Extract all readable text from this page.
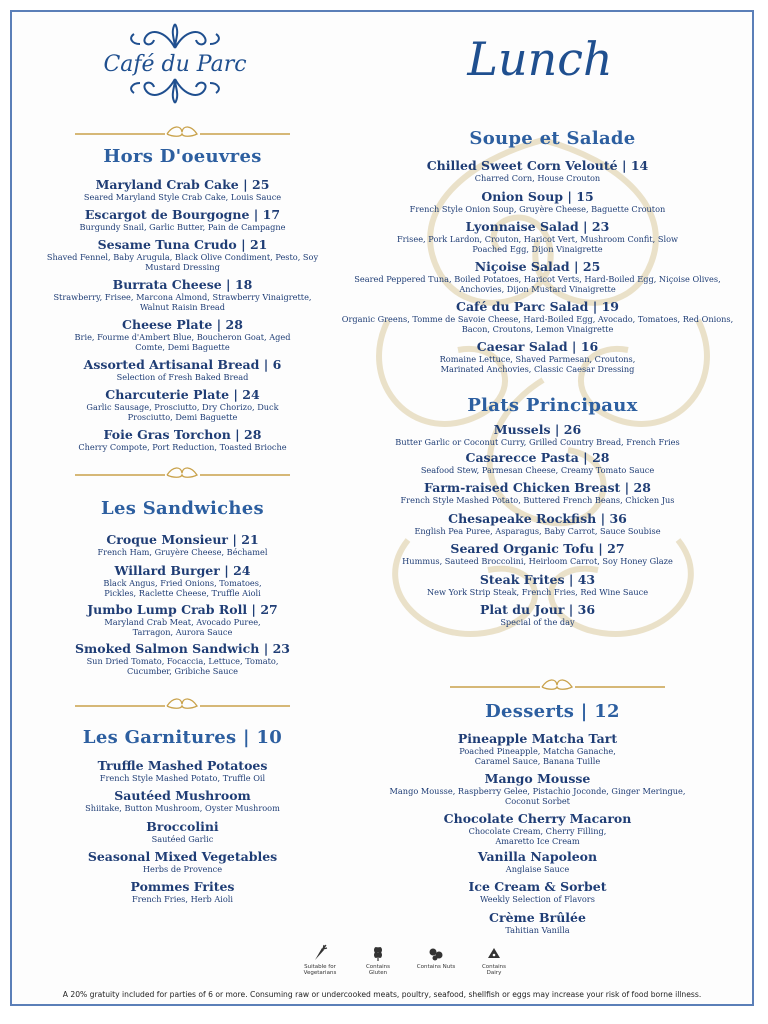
Café du Parc	Lunch
Hors D'oeuvres
Les Sandwiches
Les Garnitures | 10
Soupe et Salade
Plats Principaux
Desserts | 12
Maryland Crab Cake | 25
Seared Maryland Style Crab Cake, Louis Sauce
Escargot de Bourgogne | 17
Burgundy Snail, Garlic Butter, Pain de Campagne
Sesame Tuna Crudo | 21
Shaved Fennel, Baby Arugula, Black Olive Condiment, Pesto, Soy Mustard Dressing
Burrata Cheese | 18
Strawberry, Frisee, Marcona Almond, Strawberry Vinaigrette, Walnut Raisin Bread
Cheese Plate | 28
Brie, Fourme d'Ambert Blue, Boucheron Goat, Aged Comte, Demi Baguette
Assorted Artisanal Bread | 6
Selection of Fresh Baked Bread
Charcuterie Plate | 24
Garlic Sausage, Prosciutto, Dry Chorizo, Duck Prosciutto, Demi Baguette
Foie Gras Torchon | 28
Cherry Compote, Port Reduction, Toasted Brioche
Croque Monsieur | 21
French Ham, Gruyère Cheese, Béchamel
Willard Burger | 24
Black Angus, Fried Onions, Tomatoes, Pickles, Raclette Cheese, Truffle Aioli
Jumbo Lump Crab Roll | 27
Maryland Crab Meat, Avocado Puree, Tarragon, Aurora Sauce
Smoked Salmon Sandwich | 23
Sun Dried Tomato, Focaccia, Lettuce, Tomato, Cucumber, Gribiche Sauce
Truffle Mashed Potatoes
French Style Mashed Potato, Truffle Oil
Sautéed Mushroom
Shiitake, Button Mushroom, Oyster Mushroom
Broccolini
Sautéed Garlic
Seasonal Mixed Vegetables
Herbs de Provence
Pommes Frites
French Fries, Herb Aioli
Chilled Sweet Corn Velouté | 14
Charred Corn, House Crouton
Onion Soup | 15
French Style Onion Soup, Gruyère Cheese, Baguette Crouton
Lyonnaise Salad | 23
Frisee, Pork Lardon, Crouton, Haricot Vert, Mushroom Confit, Slow Poached Egg, Dijon Vinaigrette
Niçoise Salad | 25
Seared Peppered Tuna, Boiled Potatoes, Haricot Verts, Hard-Boiled Egg, Niçoise Olives, Anchovies, Dijon Mustard Vinaigrette
Café du Parc Salad | 19
Organic Greens, Tomme de Savoie Cheese, Hard-Boiled Egg, Avocado, Tomatoes, Red Onions, Bacon, Croutons, Lemon Vinaigrette
Caesar Salad | 16
Romaine Lettuce, Shaved Parmesan, Croutons, Marinated Anchovies, Classic Caesar Dressing
Mussels | 26
Butter Garlic or Coconut Curry, Grilled Country Bread, French Fries
Casarecce Pasta | 28
Seafood Stew, Parmesan Cheese, Creamy Tomato Sauce
Farm-raised Chicken Breast | 28
French Style Mashed Potato, Buttered French Beans, Chicken Jus
Chesapeake Rockfish | 36
English Pea Puree, Asparagus, Baby Carrot, Sauce Soubise
Seared Organic Tofu | 27
Hummus, Sauteed Broccolini, Heirloom Carrot, Soy Honey Glaze
Steak Frites | 43
New York Strip Steak, French Fries, Red Wine Sauce
Plat du Jour | 36
Special of the day
Pineapple Matcha Tart
Poached Pineapple, Matcha Ganache, Caramel Sauce, Banana Tuille
Mango Mousse
Mango Mousse, Raspberry Gelee, Pistachio Joconde, Ginger Meringue, Coconut Sorbet
Chocolate Cherry Macaron
Chocolate Cream, Cherry Filling, Amaretto Ice Cream
Vanilla Napoleon
Anglaise Sauce
Ice Cream & Sorbet
Weekly Selection of Flavors
Crème Brûlée
Tahitian Vanilla
Suitable for Vegetarians
Contains Gluten
Contains Nuts	Contains Dairy
A 20% gratuity included for parties of 6 or more. Consuming raw or undercooked meats, poultry, seafood, shellfish or eggs may increase your risk of food borne illness.
